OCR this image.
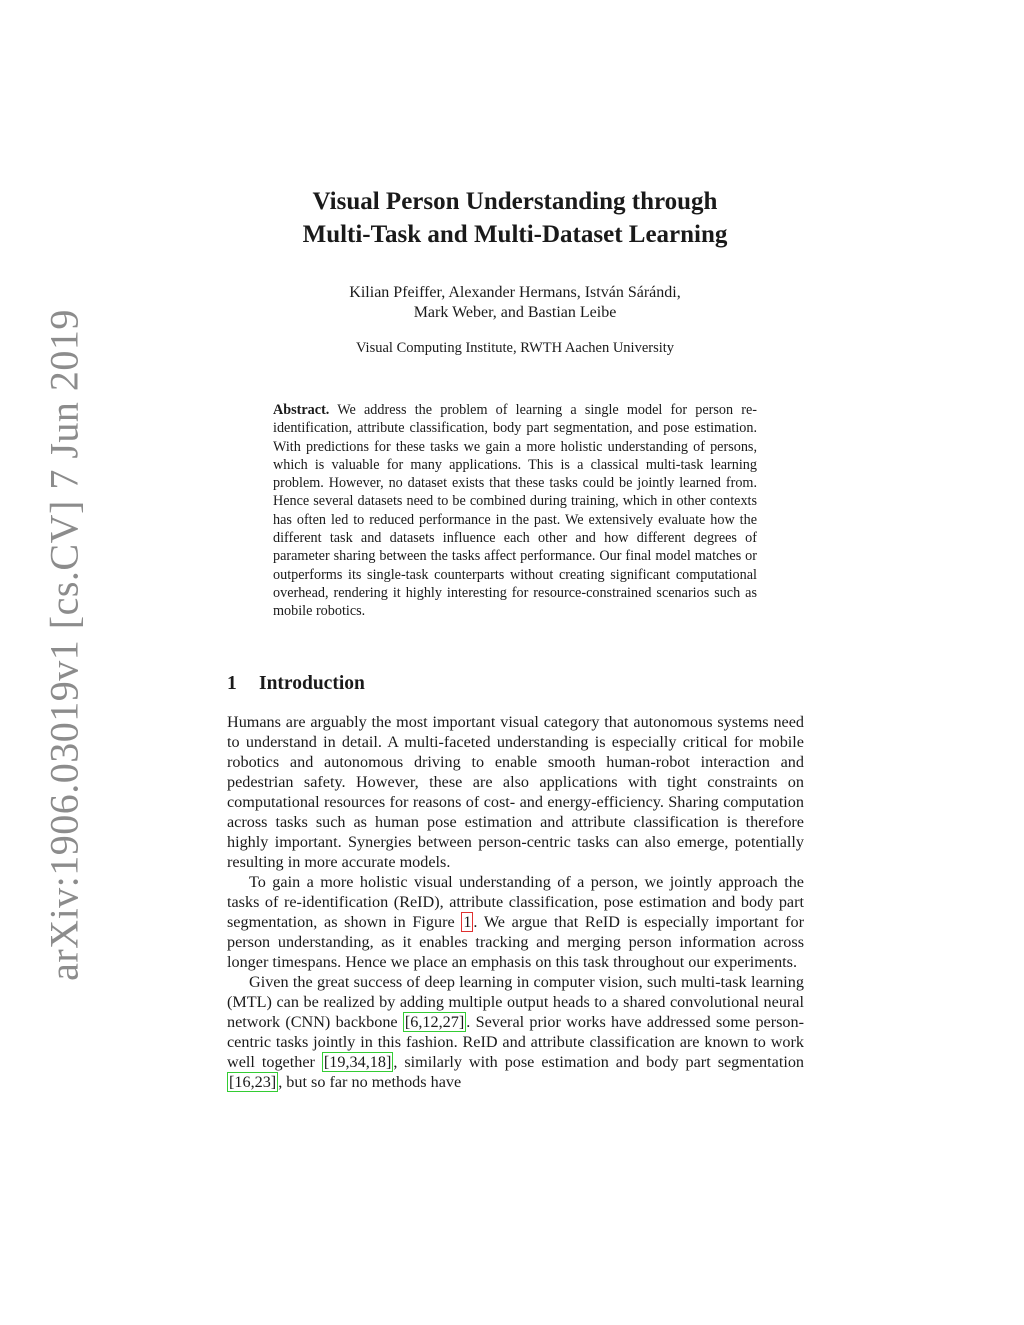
arXiv:1906.03019v1 [cs.CV] 7 Jun 2019
Visual Person Understanding through
Multi-Task and Multi-Dataset Learning
Kilian Pfeiffer, Alexander Hermans, István Sárándi,
Mark Weber, and Bastian Leibe
Visual Computing Institute, RWTH Aachen University
Abstract. We address the problem of learning a single model for person re-identification, attribute classification, body part segmentation, and pose estimation. With predictions for these tasks we gain a more holistic understanding of persons, which is valuable for many applications. This is a classical multi-task learning problem. However, no dataset exists that these tasks could be jointly learned from. Hence several datasets need to be combined during training, which in other contexts has often led to reduced performance in the past. We extensively evaluate how the different task and datasets influence each other and how different degrees of parameter sharing between the tasks affect performance. Our final model matches or outperforms its single-task counterparts without creating significant computational overhead, rendering it highly interesting for resource-constrained scenarios such as mobile robotics.
1 Introduction

Humans are arguably the most important visual category that autonomous systems need to understand in detail. A multi-faceted understanding is especially critical for mobile robotics and autonomous driving to enable smooth human-robot interaction and pedestrian safety. However, these are also applications with tight constraints on computational resources for reasons of cost- and energy-efficiency. Sharing computation across tasks such as human pose estimation and attribute classification is therefore highly important. Synergies between person-centric tasks can also emerge, potentially resulting in more accurate models.

To gain a more holistic visual understanding of a person, we jointly approach the tasks of re-identification (ReID), attribute classification, pose estimation and body part segmentation, as shown in Figure 1 . We argue that ReID is especially important for person understanding, as it enables tracking and merging person information across longer timespans. Hence we place an emphasis on this task throughout our experiments.

Given the great success of deep learning in computer vision, such multi-task learning (MTL) can be realized by adding multiple output heads to a shared convolutional neural network (CNN) backbone [6,12,27] . Several prior works have addressed some person-centric tasks jointly in this fashion. ReID and attribute classification are known to work well together [19,34,18] , similarly with pose estimation and body part segmentation [16,23] , but so far no methods have
